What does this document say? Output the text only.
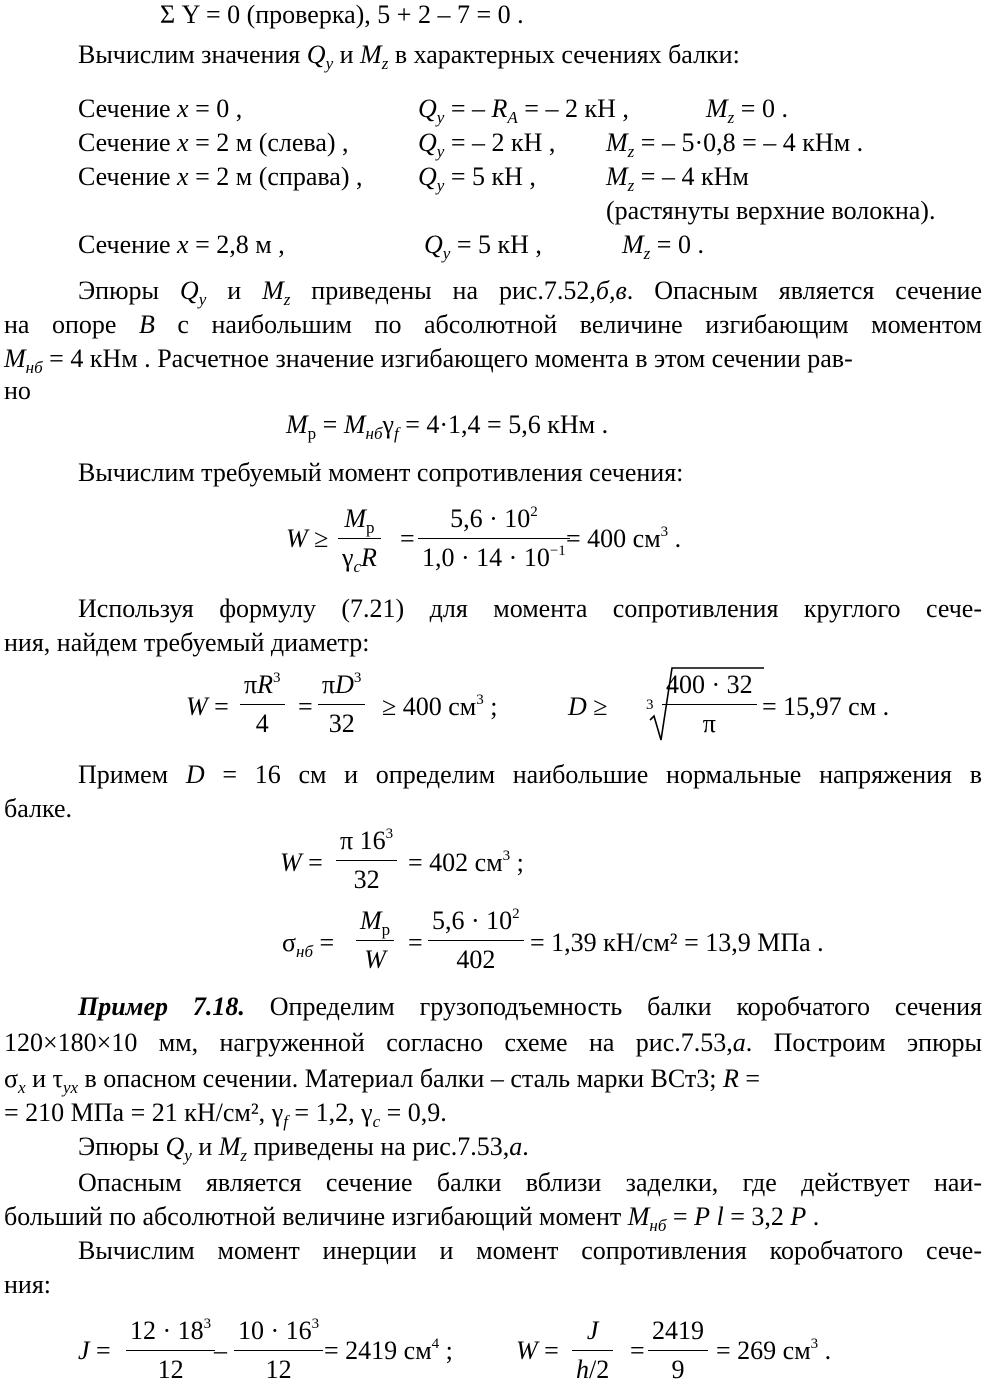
Σ Y = 0 (проверка), 5 + 2 – 7 = 0 .
Вычислим значения $Q_y$ и $M_z$ в характерных сечениях балки:
Сечение x = 0 ,	$Q_y$ = – $R_A$ = – 2 кН ,	$M_z = 0$ .
Сечение x = 2 м (слева) ,	$Q_y$ = – 2 кН , $M_z$ = – 5·0,8 = – 4 кНм .
Сечение x = 2 м (справа) , $Q_y = 5$ кН ,	$M_z$ = – 4 кНм
(растянуты верхние волокна).
Сечение x = 2,8 м ,	$Q_y = 5$ кН ,	$M_z = 0$ .
Эпюры $Q_y$ и $M_z$ приведены на рис.7.52,б,в. Опасным является сечение
на опоре B с наибольшим по абсолютной величине изгибающим моментом
$M_{нб} = 4$ кНм . Расчетное значение изгибающего момента в этом сечении рав-
но
$M_р = M_{нб}\gamma_f = 4\cdot 1,4 = 5,6$ кНм .
Вычислим требуемый момент сопротивления сечения:
W ≥
$M_р$
$\gamma_cR$
= $\frac{5,6 \cdot 10^2}{1,0 \cdot 14 \cdot 10^{-1}}$
= 400 $см^3$ .
Используя формулу (7.21) для момента сопротивления круглого сече-
ния, найдем требуемый диаметр:
$W = \frac{\pi R^3}{4} = \frac{\pi D^3}{32} \ge 400$ $см^3$ ;	D ≥	$3 \frac{400 \cdot 32}{\pi} = 15,97$ см .
Примем D = 16 см и определим наибольшие нормальные напряжения в
балке.
$W = \frac{\pi 16^3}{32} = 402$ $см^3$ ;
$\sigma_{нб}$ =
$M_р$
W
= $\frac{5,6 \cdot 10^2}{402} = 1,39$ кН/см² = 13,9 МПа .
Пример 7.18. Определим грузоподъемность балки коробчатого сечения
120×180×10 мм, нагруженной согласно схеме на рис.7.53,а. Построим эпюры
$\sigma_x$ и $\tau_{yx}$ в опасном сечении. Материал балки – сталь марки ВСт3; R =
= 210 МПа = 21 кН/см², $\gamma_f = 1,2$, $\gamma_c = 0,9$.
Эпюры $Q_y$ и $M_z$ приведены на рис.7.53,а.
Опасным является сечение балки вблизи заделки, где действует наи-
больший по абсолютной величине изгибающий момент $M_{нб} = P$ l = 3,2 P .
Вычислим момент инерции и момент сопротивления коробчатого сече-
ния:
$J = \frac{12 \cdot 18^3}{12}$
– $\frac{10 \cdot 16^3}{12} = 2419$ $см^4$ ; $W = \frac{J}{h/2} = \frac{2419}{9} = 269$ $см^3$ .
